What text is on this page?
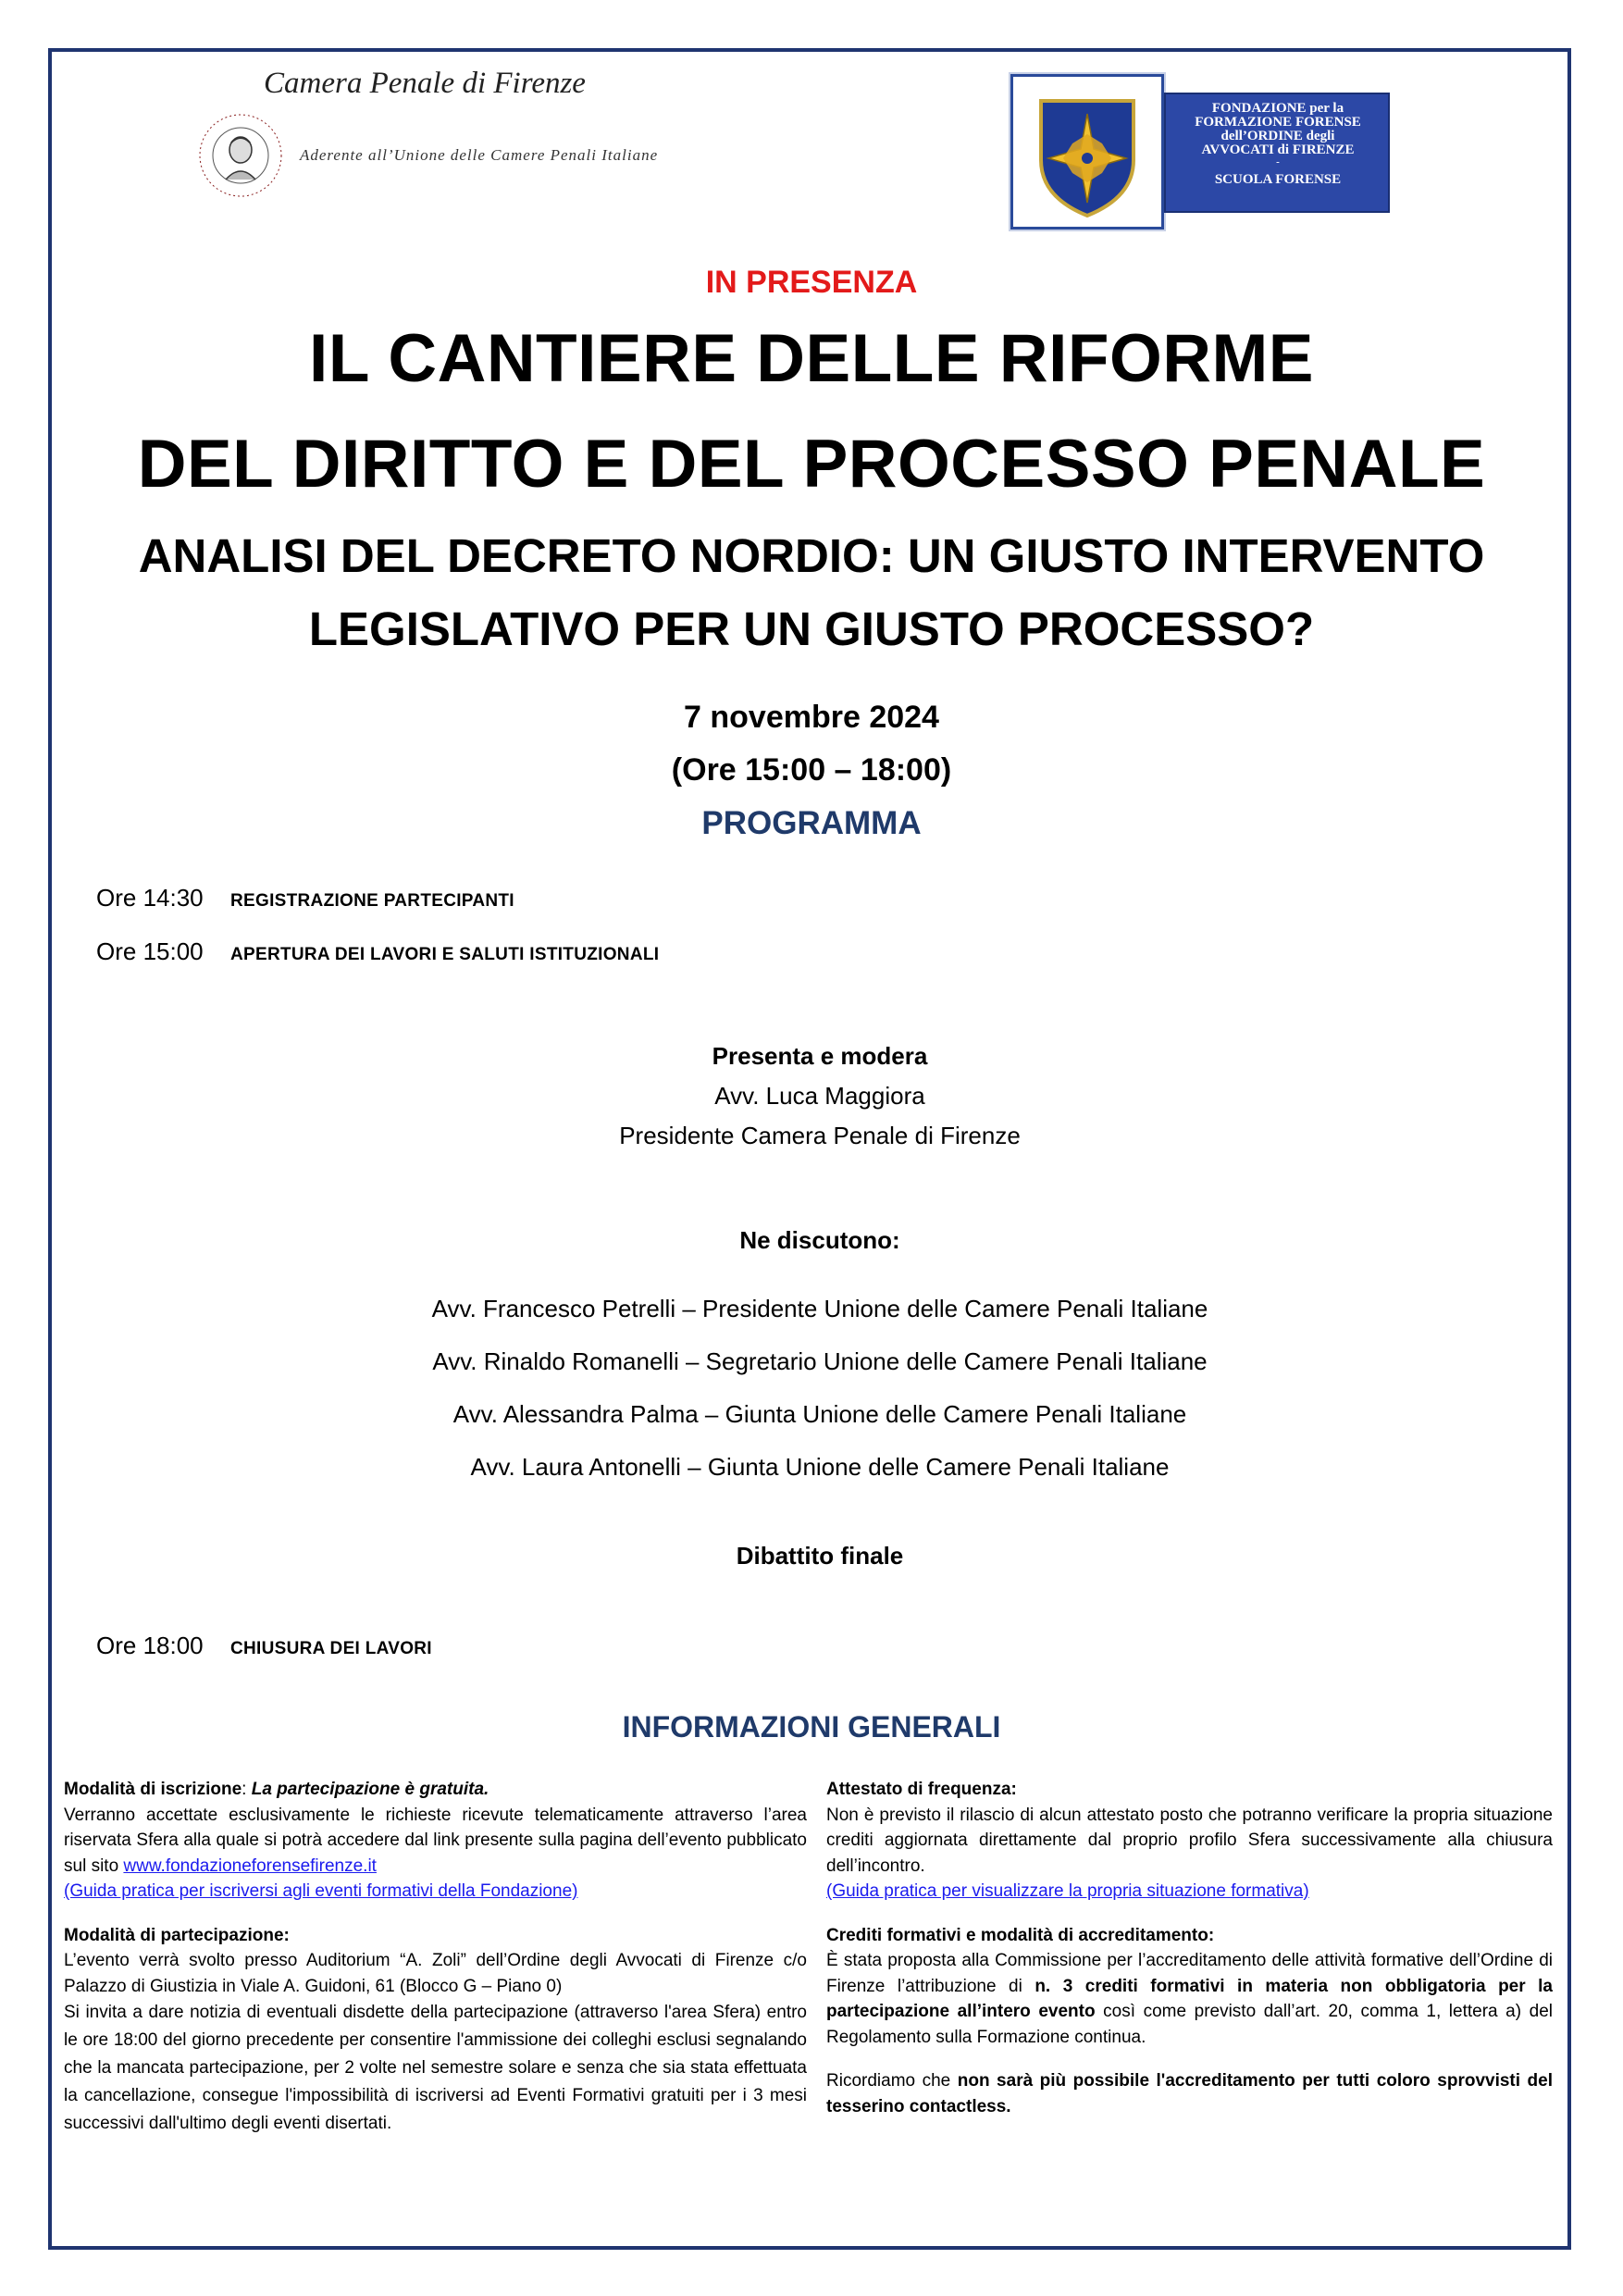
Camera Penale di Firenze
Aderente all’Unione delle Camere Penali Italiane
FONDAZIONE per la
FORMAZIONE FORENSE
dell’ORDINE degli
AVVOCATI di FIRENZE
-
SCUOLA FORENSE
IN PRESENZA
IL CANTIERE DELLE RIFORME
DEL DIRITTO E DEL PROCESSO PENALE
ANALISI DEL DECRETO NORDIO: UN GIUSTO INTERVENTO
LEGISLATIVO PER UN GIUSTO PROCESSO?
7 novembre 2024
(Ore 15:00 – 18:00)
PROGRAMMA
Ore 14:30 REGISTRAZIONE PARTECIPANTI
Ore 15:00 APERTURA DEI LAVORI E SALUTI ISTITUZIONALI
Presenta e modera
Avv. Luca Maggiora
Presidente Camera Penale di Firenze
Ne discutono:
Avv. Francesco Petrelli – Presidente Unione delle Camere Penali Italiane
Avv. Rinaldo Romanelli – Segretario Unione delle Camere Penali Italiane
Avv. Alessandra Palma – Giunta Unione delle Camere Penali Italiane
Avv. Laura Antonelli – Giunta Unione delle Camere Penali Italiane
Dibattito finale
Ore 18:00 CHIUSURA DEI LAVORI
INFORMAZIONI GENERALI

Modalità di iscrizione: La partecipazione è gratuita.

Verranno accettate esclusivamente le richieste ricevute telematicamente attraverso l’area riservata Sfera alla quale si potrà accedere dal link presente sulla pagina dell’evento pubblicato sul sito www.fondazioneforensefirenze.it

(Guida pratica per iscriversi agli eventi formativi della Fondazione)

Modalità di partecipazione:

L’evento verrà svolto presso Auditorium “A. Zoli” dell’Ordine degli Avvocati di Firenze c/o Palazzo di Giustizia in Viale A. Guidoni, 61 (Blocco G – Piano 0)

Si invita a dare notizia di eventuali disdette della partecipazione (attraverso l'area Sfera) entro le ore 18:00 del giorno precedente per consentire l'ammissione dei colleghi esclusi segnalando che la mancata partecipazione, per 2 volte nel semestre solare e senza che sia stata effettuata la cancellazione, consegue l'impossibilità di iscriversi ad Eventi Formativi gratuiti per i 3 mesi successivi dall'ultimo degli eventi disertati.

Attestato di frequenza:

Non è previsto il rilascio di alcun attestato posto che potranno verificare la propria situazione crediti aggiornata direttamente dal proprio profilo Sfera successivamente alla chiusura dell’incontro.

(Guida pratica per visualizzare la propria situazione formativa)

Crediti formativi e modalità di accreditamento:

È stata proposta alla Commissione per l’accreditamento delle attività formative dell’Ordine di Firenze l’attribuzione di n. 3 crediti formativi in materia non obbligatoria per la partecipazione all’intero evento così come previsto dall’art. 20, comma 1, lettera a) del Regolamento sulla Formazione continua.

Ricordiamo che non sarà più possibile l'accreditamento per tutti coloro sprovvisti del tesserino contactless.
